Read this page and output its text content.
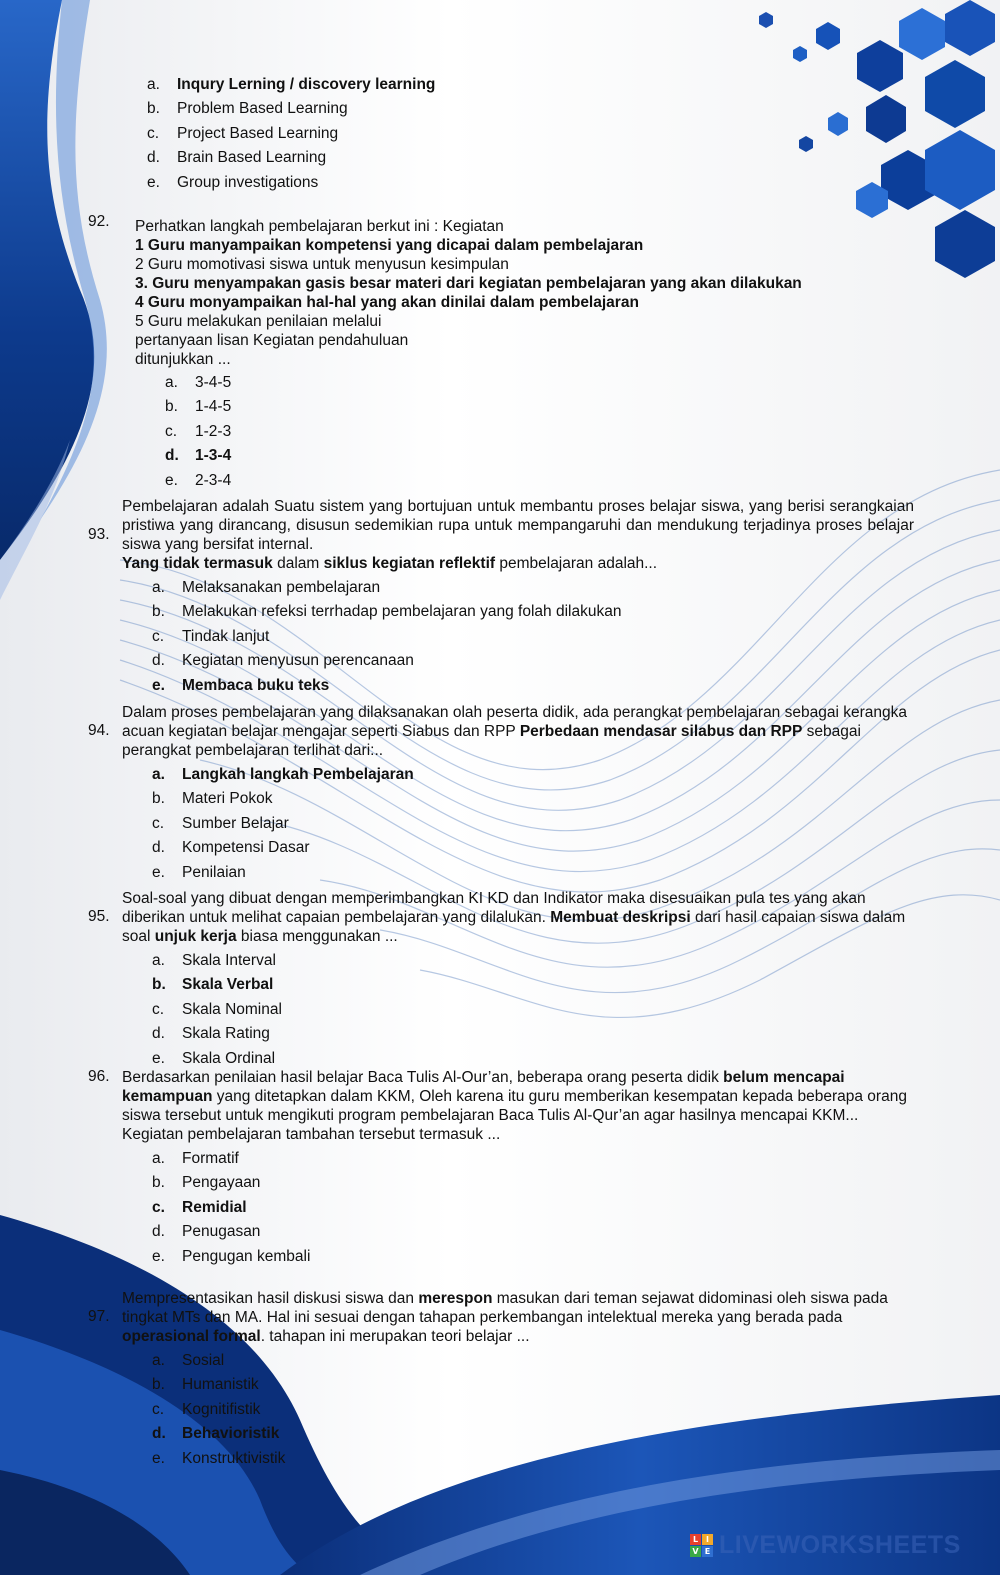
a.	Inqury Lerning / discovery learning
b.	Problem Based Learning
c.	Project Based Learning
d.	Brain Based Learning
e.	Group investigations
92. Perhatkan langkah pembelajaran berkut ini : Kegiatan

1 Guru manyampaikan kompetensi yang dicapai dalam pembelajaran

2 Guru momotivasi siswa untuk menyusun kesimpulan

3. Guru menyampakan gasis besar materi dari kegiatan pembelajaran yang akan dilakukan

4 Guru monyampaikan hal-hal yang akan dinilai dalam pembelajaran

5 Guru melakukan penilaian melalui

pertanyaan lisan Kegiatan pendahuluan

ditunjukkan ...

a.	3-4-5
b.	1-4-5
c.	1-2-3
d.	1-3-4
e.	2-3-4
93.

Pembelajaran adalah Suatu sistem yang bortujuan untuk membantu proses belajar siswa, yang berisi serangkaian pristiwa yang dirancang, disusun sedemikian rupa untuk mempangaruhi dan mendukung terjadinya proses belajar siswa yang bersifat internal.

Yang tidak termasuk dalam siklus kegiatan reflektif pembelajaran adalah...

a.	Melaksanakan pembelajaran
b.	Melakukan refeksi terrhadap pembelajaran yang folah dilakukan
c.	Tindak lanjut
d.	Kegiatan menyusun perencanaan
e.	Membaca buku teks
94.

Dalam proses pembelajaran yang dilaksanakan olah peserta didik, ada perangkat pembelajaran sebagai kerangka acuan kegiatan belajar mengajar seperti Siabus dan RPP Perbedaan mendasar silabus dan RPP sebagai perangkat pembelajaran terlihat dari:..

a.	Langkah langkah Pembelajaran
b.	Materi Pokok
c.	Sumber Belajar
d.	Kompetensi Dasar
e.	Penilaian
95.

Soal-soal yang dibuat dengan memperimbangkan KI KD dan Indikator maka disesuaikan pula tes yang akan diberikan untuk melihat capaian pembelajaran yang dilalukan. Membuat deskripsi dari hasil capaian siswa dalam soal unjuk kerja biasa menggunakan ...

a.	Skala Interval
b.	Skala Verbal
c.	Skala Nominal
d.	Skala Rating
e.	Skala Ordinal
96. Berdasarkan penilaian hasil belajar Baca Tulis Al-Our’an, beberapa orang peserta didik belum mencapai kemampuan yang ditetapkan dalam KKM, Oleh karena itu guru memberikan kesempatan kepada beberapa orang siswa tersebut untuk mengikuti program pembelajaran Baca Tulis Al-Qur’an agar hasilnya mencapai KKM...

Kegiatan pembelajaran tambahan tersebut termasuk ...

a.	Formatif
b.	Pengayaan
c.	Remidial
d.	Penugasan
e.	Pengugan kembali
97.

Mempresentasikan hasil diskusi siswa dan merespon masukan dari teman sejawat didominasi oleh siswa pada tingkat MTs dan MA. Hal ini sesuai dengan tahapan perkembangan intelektual mereka yang berada pada operasional formal. tahapan ini merupakan teori belajar ...

a.	Sosial
b.	Humanistik
c.	Kognitifistik
d.	Behavioristik
e.	Konstruktivistik
L I
V E LIVEWORKSHEETS
